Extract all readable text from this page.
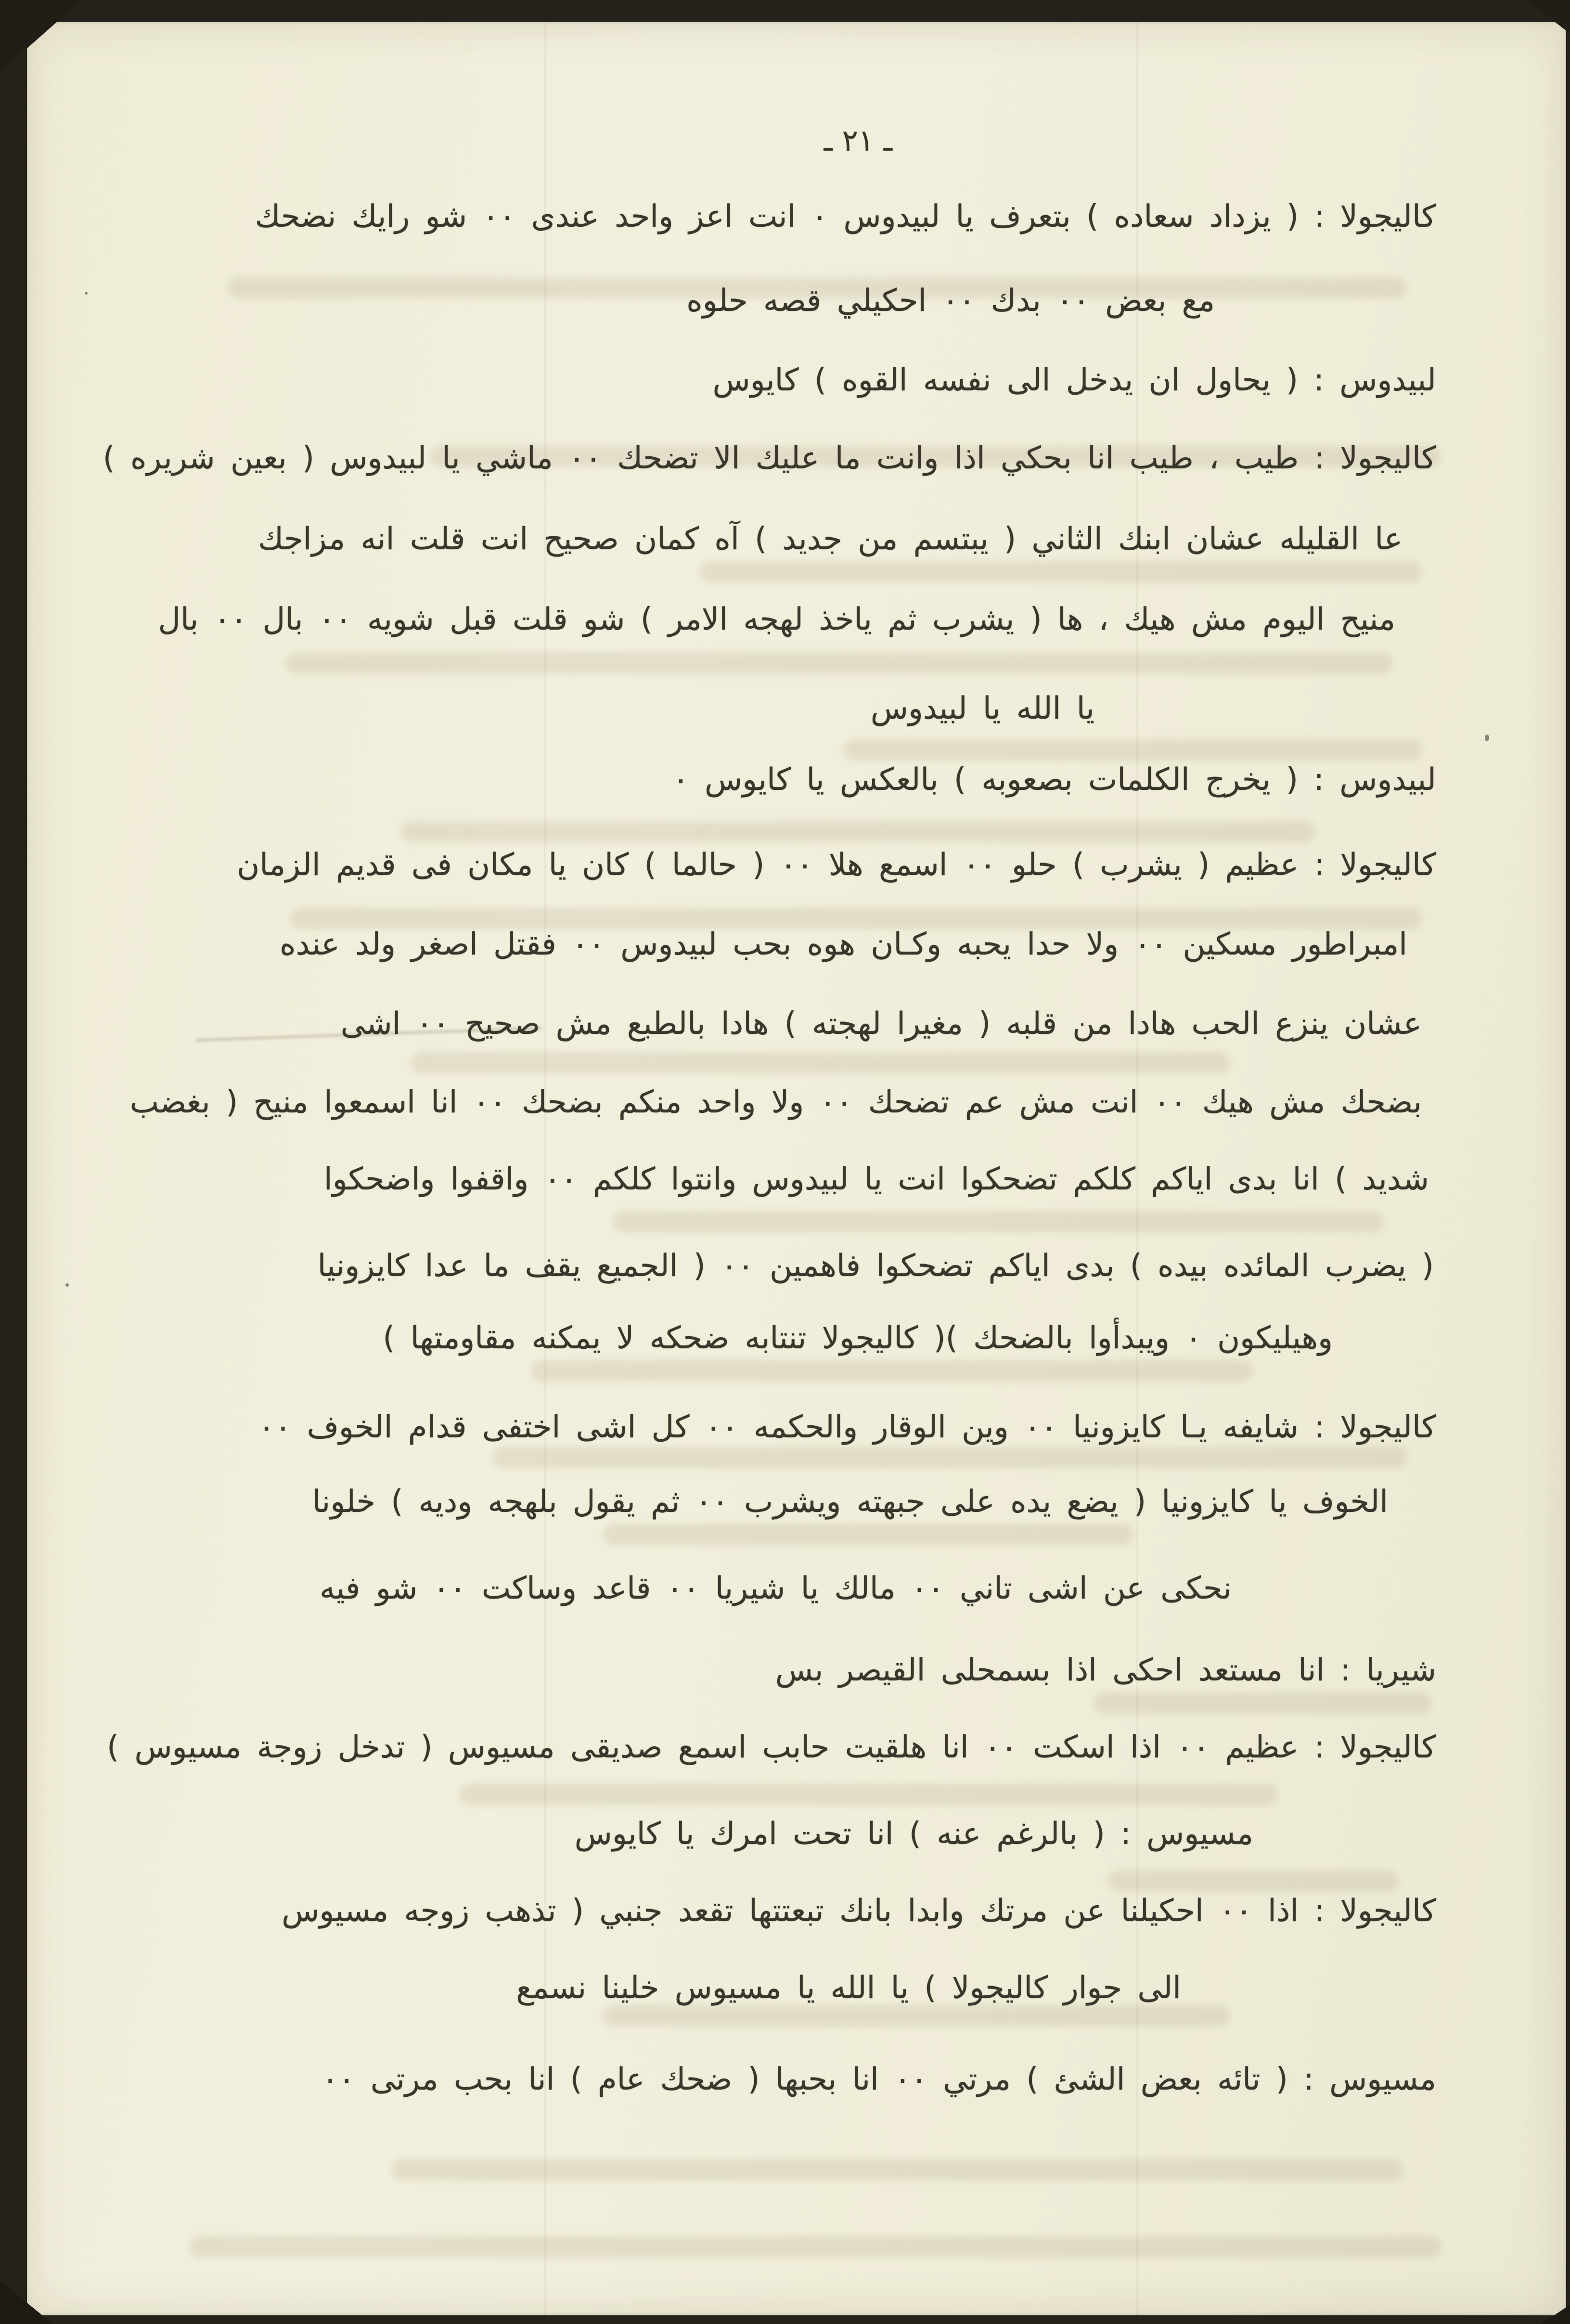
ـ ٢١ ـ
كاليجولا : ( يزداد سعاده ) بتعرف يا لبيدوس ٠ انت اعز واحد عندى ٠٠ شو رايك نضحك
مع بعض ٠٠ بدك ٠٠ احكيلي قصه حلوه
لبيدوس : ( يحاول ان يدخل الى نفسه القوه ) كايوس
كاليجولا : طيب ، طيب انا بحكي اذا وانت ما عليك الا تضحك ٠٠ ماشي يا لبيدوس ( بعين شريره )
عا القليله عشان ابنك الثاني ( يبتسم من جديد ) آه كمان صحيح انت قلت انه مزاجك
منيح اليوم مش هيك ، ها ( يشرب ثم ياخذ لهجه الامر ) شو قلت قبل شويه ٠٠ بال ٠٠ بال
يا الله يا لبيدوس
لبيدوس : ( يخرج الكلمات بصعوبه ) بالعكس يا كايوس ٠
كاليجولا : عظيم ( يشرب ) حلو ٠٠ اسمع هلا ٠٠ ( حالما ) كان يا مكان فى قديم الزمان
امبراطور مسكين ٠٠ ولا حدا يحبه وكـان هوه بحب لبيدوس ٠٠ فقتل اصغر ولد عنده
عشان ينزع الحب هادا من قلبه ( مغيرا لهجته ) هادا بالطبع مش صحيح ٠٠ اشى
بضحك مش هيك ٠٠ انت مش عم تضحك ٠٠ ولا واحد منكم بضحك ٠٠ انا اسمعوا منيح ( بغضب
شديد ) انا بدى اياكم كلكم تضحكوا انت يا لبيدوس وانتوا كلكم ٠٠ واقفوا واضحكوا
( يضرب المائده بيده ) بدى اياكم تضحكوا فاهمين ٠٠ ( الجميع يقف ما عدا كايزونيا
وهيليكون ٠ ويبدأوا بالضحك )( كاليجولا تنتابه ضحكه لا يمكنه مقاومتها )
كاليجولا : شايفه يـا كايزونيا ٠٠ وين الوقار والحكمه ٠٠ كل اشى اختفى قدام الخوف ٠٠
الخوف يا كايزونيا ( يضع يده على جبهته ويشرب ٠٠ ثم يقول بلهجه وديه ) خلونا
نحكى عن اشى تاني ٠٠ مالك يا شيريا ٠٠ قاعد وساكت ٠٠ شو فيه
شيريا : انا مستعد احكى اذا بسمحلى القيصر بس
كاليجولا : عظيم ٠٠ اذا اسكت ٠٠ انا هلقيت حابب اسمع صديقى مسيوس ( تدخل زوجة مسيوس )
مسيوس : ( بالرغم عنه ) انا تحت امرك يا كايوس
كاليجولا : اذا ٠٠ احكيلنا عن مرتك وابدا بانك تبعتتها تقعد جنبي ( تذهب زوجه مسيوس
الى جوار كاليجولا ) يا الله يا مسيوس خلينا نسمع
مسيوس : ( تائه بعض الشئ ) مرتي ٠٠ انا بحبها ( ضحك عام ) انا بحب مرتى ٠٠
